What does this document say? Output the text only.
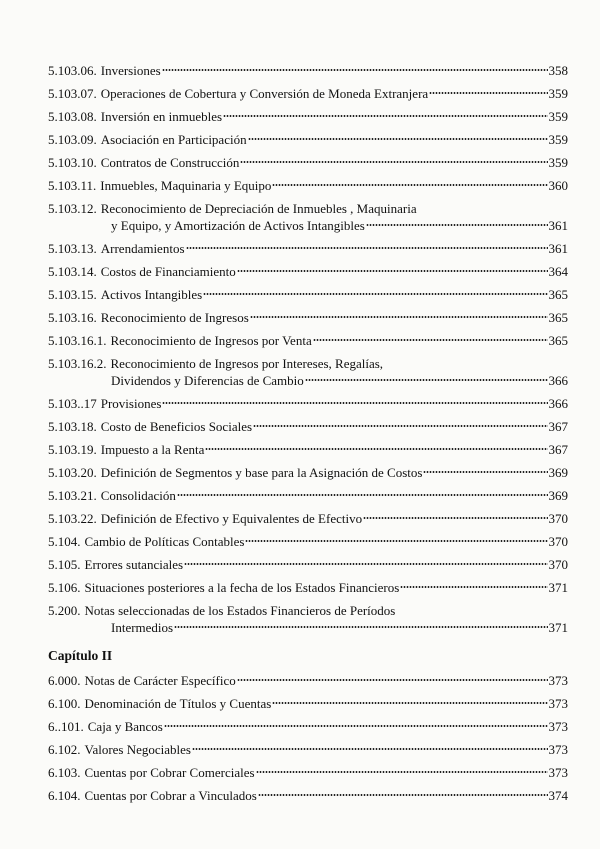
5.103.06. Inversiones	358
5.103.07. Operaciones de Cobertura y Conversión de Moneda Extranjera	359
5.103.08. Inversión en inmuebles	359
5.103.09. Asociación en Participación	359
5.103.10. Contratos de Construcción	359
5.103.11. Inmuebles, Maquinaria y Equipo	360
5.103.12. Reconocimiento de Depreciación de Inmuebles , Maquinaria
y Equipo, y Amortización de Activos Intangibles	361
5.103.13. Arrendamientos	361
5.103.14. Costos de Financiamiento	364
5.103.15. Activos Intangibles	365
5.103.16. Reconocimiento de Ingresos	365
5.103.16.1. Reconocimiento de Ingresos por Venta	365
5.103.16.2. Reconocimiento de Ingresos por Intereses, Regalías,
Dividendos y Diferencias de Cambio	366
5.103..17 Provisiones	366
5.103.18. Costo de Beneficios Sociales	367
5.103.19. Impuesto a la Renta	367
5.103.20. Definición de Segmentos y base para la Asignación de Costos	369
5.103.21. Consolidación	369
5.103.22. Definición de Efectivo y Equivalentes de Efectivo	370
5.104. Cambio de Políticas Contables	370
5.105. Errores sutanciales	370
5.106. Situaciones posteriores a la fecha de los Estados Financieros	371
5.200. Notas seleccionadas de los Estados Financieros de Períodos
Intermedios	371
Capítulo II
6.000. Notas de Carácter Específico	373
6.100. Denominación de Títulos y Cuentas	373
6..101. Caja y Bancos	373
6.102. Valores Negociables	373
6.103. Cuentas por Cobrar Comerciales	373
6.104. Cuentas por Cobrar a Vinculados	374
